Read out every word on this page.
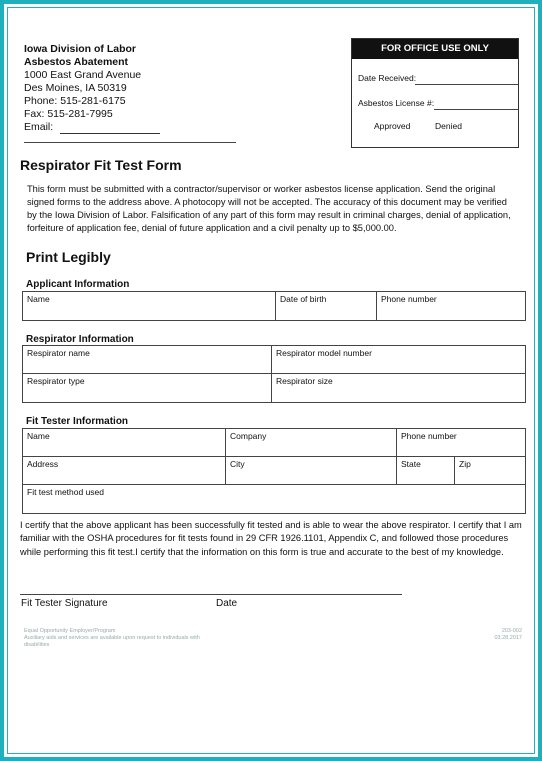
Iowa Division of Labor
Asbestos Abatement
1000 East Grand Avenue
Des Moines, IA 50319
Phone: 515-281-6175
Fax: 515-281-7995
Email:
FOR OFFICE USE ONLY
Date Received:
Asbestos License #:
Approved	Denied
Respirator Fit Test Form
This form must be submitted with a contractor/supervisor or worker asbestos license application. Send the original signed forms to the address above. A photocopy will not be accepted. The accuracy of this document may be verified by the Iowa Division of Labor. Falsification of any part of this form may result in criminal charges, denial of application, forfeiture of application fee, denial of future application and a civil penalty up to $5,000.00.
Print Legibly
Applicant Information
Name	Date of birth	Phone number
Respirator Information
Respirator name	Respirator model number
Respirator type	Respirator size
Fit Tester Information
Name	Company	Phone number	
Address	City	State	Zip
Fit test method used			
I certify that the above applicant has been successfully fit tested and is able to wear the above respirator. I certify that I am familiar with the OSHA procedures for fit tests found in 29 CFR 1926.1101, Appendix C, and followed those procedures while performing this fit test.I certify that the information on this form is true and accurate to the best of my knowledge.
Fit Tester Signature	Date
Equal Opportunity Employer/Program
Auxiliary aids and services are available upon request to individuals with disabilities
203-002
03.28.2017
